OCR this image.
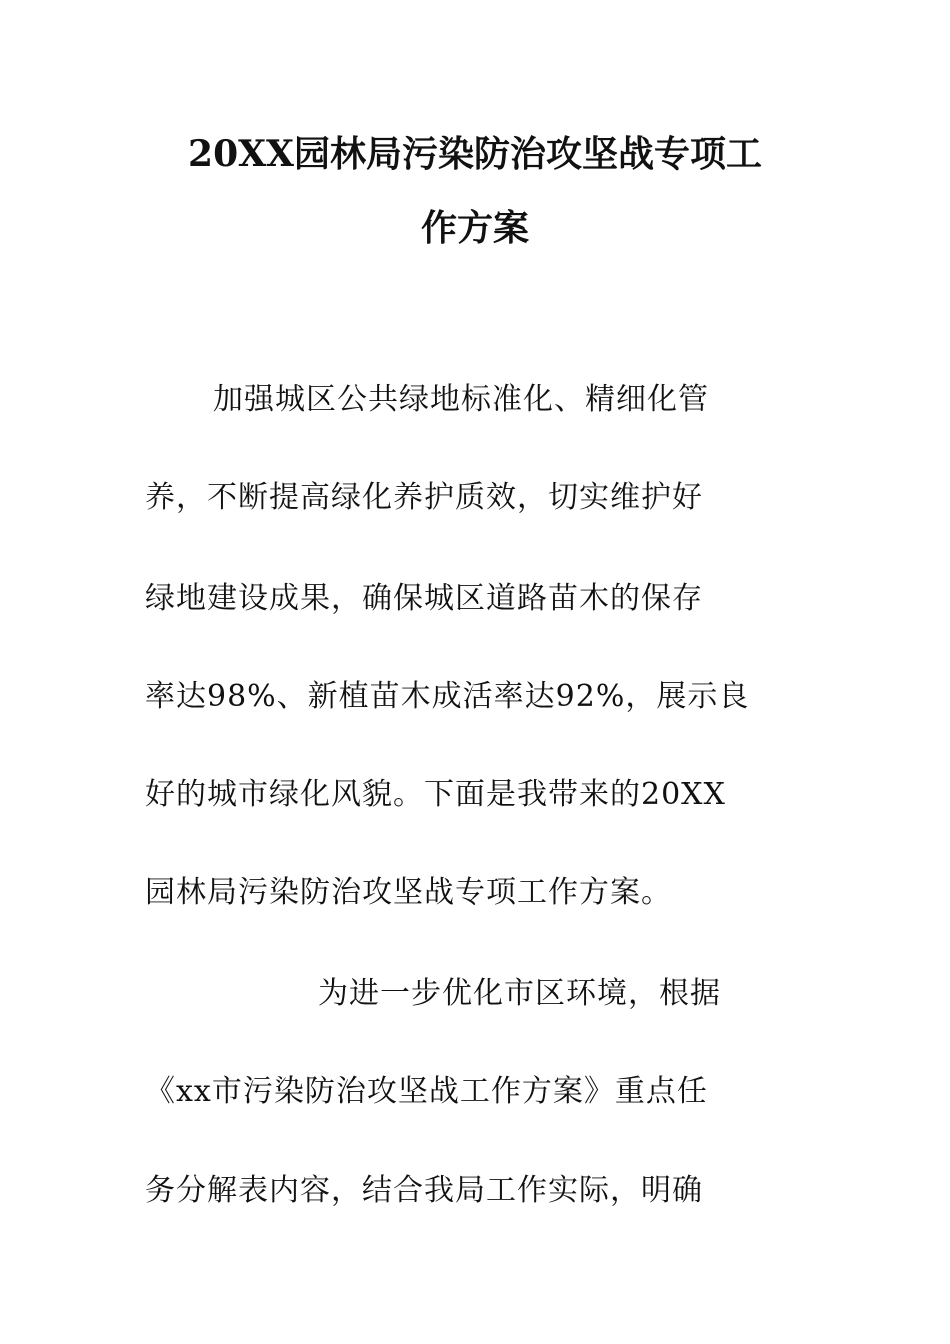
20XX园林局污染防治攻坚战专项工
作方案

加强城区公共绿地标准化、精细化管

养，不断提高绿化养护质效，切实维护好

绿地建设成果，确保城区道路苗木的保存

率达98%、新植苗木成活率达92%，展示良

好的城市绿化风貌。下面是我带来的20XX

园林局污染防治攻坚战专项工作方案。

为进一步优化市区环境，根据

《xx市污染防治攻坚战工作方案》重点任

务分解表内容，结合我局工作实际，明确
